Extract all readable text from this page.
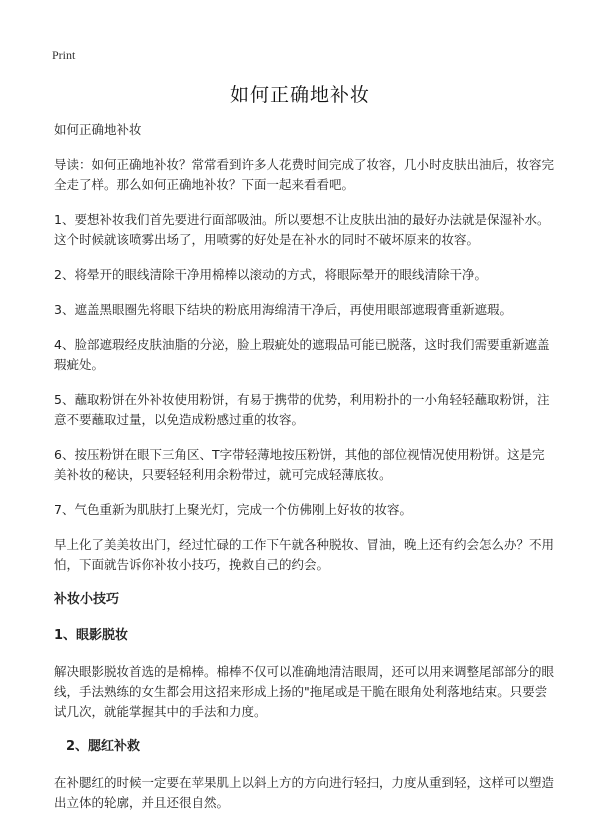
Print
如何正确地补妆

如何正确地补妆

导读：如何正确地补妆？常常看到许多人花费时间完成了妆容，几小时皮肤出油后，妆容完全走了样。那么如何正确地补妆？下面一起来看看吧。

1、要想补妆我们首先要进行面部吸油。所以要想不让皮肤出油的最好办法就是保湿补水。这个时候就该喷雾出场了，用喷雾的好处是在补水的同时不破坏原来的妆容。

2、将晕开的眼线清除干净用棉棒以滚动的方式，将眼际晕开的眼线清除干净。

3、遮盖黑眼圈先将眼下结块的粉底用海绵清干净后，再使用眼部遮瑕膏重新遮瑕。

4、脸部遮瑕经皮肤油脂的分泌，脸上瑕疵处的遮瑕品可能已脱落，这时我们需要重新遮盖瑕疵处。

5、蘸取粉饼在外补妆使用粉饼，有易于携带的优势，利用粉扑的一小角轻轻蘸取粉饼，注意不要蘸取过量，以免造成粉感过重的妆容。

6、按压粉饼在眼下三角区、T字带轻薄地按压粉饼，其他的部位视情况使用粉饼。这是完美补妆的秘诀，只要轻轻利用余粉带过，就可完成轻薄底妆。

7、气色重新为肌肤打上聚光灯，完成一个仿佛刚上好妆的妆容。

早上化了美美妆出门，经过忙碌的工作下午就各种脱妆、冒油，晚上还有约会怎么办？不用怕，下面就告诉你补妆小技巧，挽救自己的约会。

补妆小技巧
1、眼影脱妆

解决眼影脱妆首选的是棉棒。棉棒不仅可以准确地清洁眼周，还可以用来调整尾部部分的眼线，手法熟练的女生都会用这招来形成上扬的"拖尾或是干脆在眼角处利落地结束。只要尝试几次，就能掌握其中的手法和力度。

2、腮红补救

在补腮红的时候一定要在苹果肌上以斜上方的方向进行轻扫，力度从重到轻，这样可以塑造出立体的轮廓，并且还很自然。
